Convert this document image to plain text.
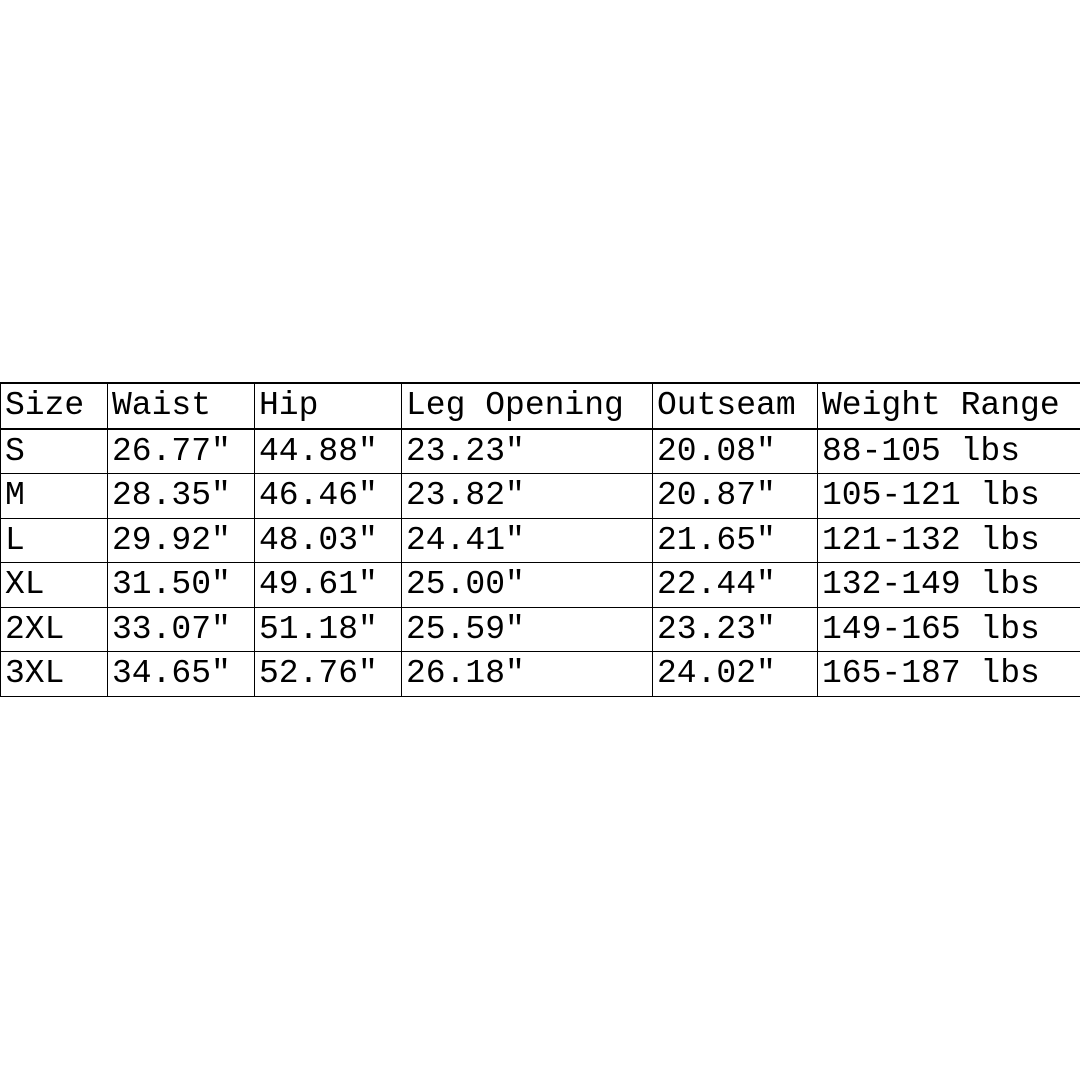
Size	Waist	Hip	Leg Opening	Outseam	Weight Range
S	26.77″	44.88″	23.23″	20.08″	88-105 lbs
M	28.35″	46.46″	23.82″	20.87″	105-121 lbs
L	29.92″	48.03″	24.41″	21.65″	121-132 lbs
XL	31.50″	49.61″	25.00″	22.44″	132-149 lbs
2XL	33.07″	51.18″	25.59″	23.23″	149-165 lbs
3XL	34.65″	52.76″	26.18″	24.02″	165-187 lbs
